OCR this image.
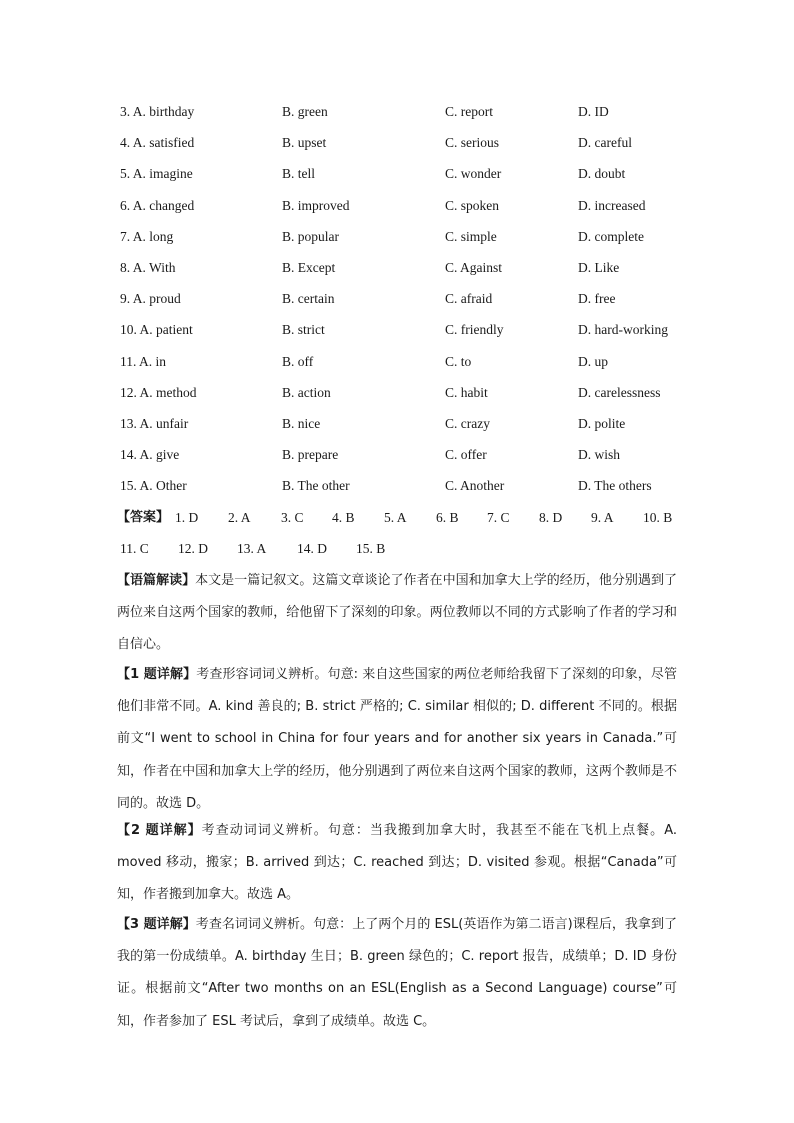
3. A. birthday	B. green	C. report	D. ID
4. A. satisfied	B. upset	C. serious	D. careful
5. A. imagine	B. tell	C. wonder	D. doubt
6. A. changed	B. improved	C. spoken	D. increased
7. A. long	B. popular	C. simple	D. complete
8. A. With	B. Except	C. Against	D. Like
9. A. proud	B. certain	C. afraid	D. free
10. A. patient	B. strict	C. friendly	D. hard-working
11. A. in	B. off	C. to	D. up
12. A. method	B. action	C. habit	D. carelessness
13. A. unfair	B. nice	C. crazy	D. polite
14. A. give	B. prepare	C. offer	D. wish
15. A. Other	B. The other	C. Another	D. The others
【答案】 1. D 2. A 3. C 4. B 5. A 6. B 7. C 8. D 9. A 10. B
11. C 12. D 13. A 14. D 15. B
【语篇解读】本文是一篇记叙文。这篇文章谈论了作者在中国和加拿大上学的经历，他分别遇到了两位来自这两个国家的教师，给他留下了深刻的印象。两位教师以不同的方式影响了作者的学习和自信心。
【1 题详解】考查形容词词义辨析。句意: 来自这些国家的两位老师给我留下了深刻的印象，尽管他们非常不同。A. kind 善良的; B. strict 严格的; C. similar 相似的; D. different 不同的。根据前文“I went to school in China for four years and for another six years in Canada.”可知，作者在中国和加拿大上学的经历，他分别遇到了两位来自这两个国家的教师，这两个教师是不同的。故选 D。
【2 题详解】考查动词词义辨析。句意：当我搬到加拿大时，我甚至不能在飞机上点餐。A. moved 移动，搬家；B. arrived 到达；C. reached 到达；D. visited 参观。根据“Canada”可知，作者搬到加拿大。故选 A。
【3 题详解】考查名词词义辨析。句意：上了两个月的 ESL(英语作为第二语言)课程后，我拿到了我的第一份成绩单。A. birthday 生日；B. green 绿色的；C. report 报告，成绩单；D. ID 身份证。根据前文“After two months on an ESL(English as a Second Language) course”可知，作者参加了 ESL 考试后，拿到了成绩单。故选 C。
